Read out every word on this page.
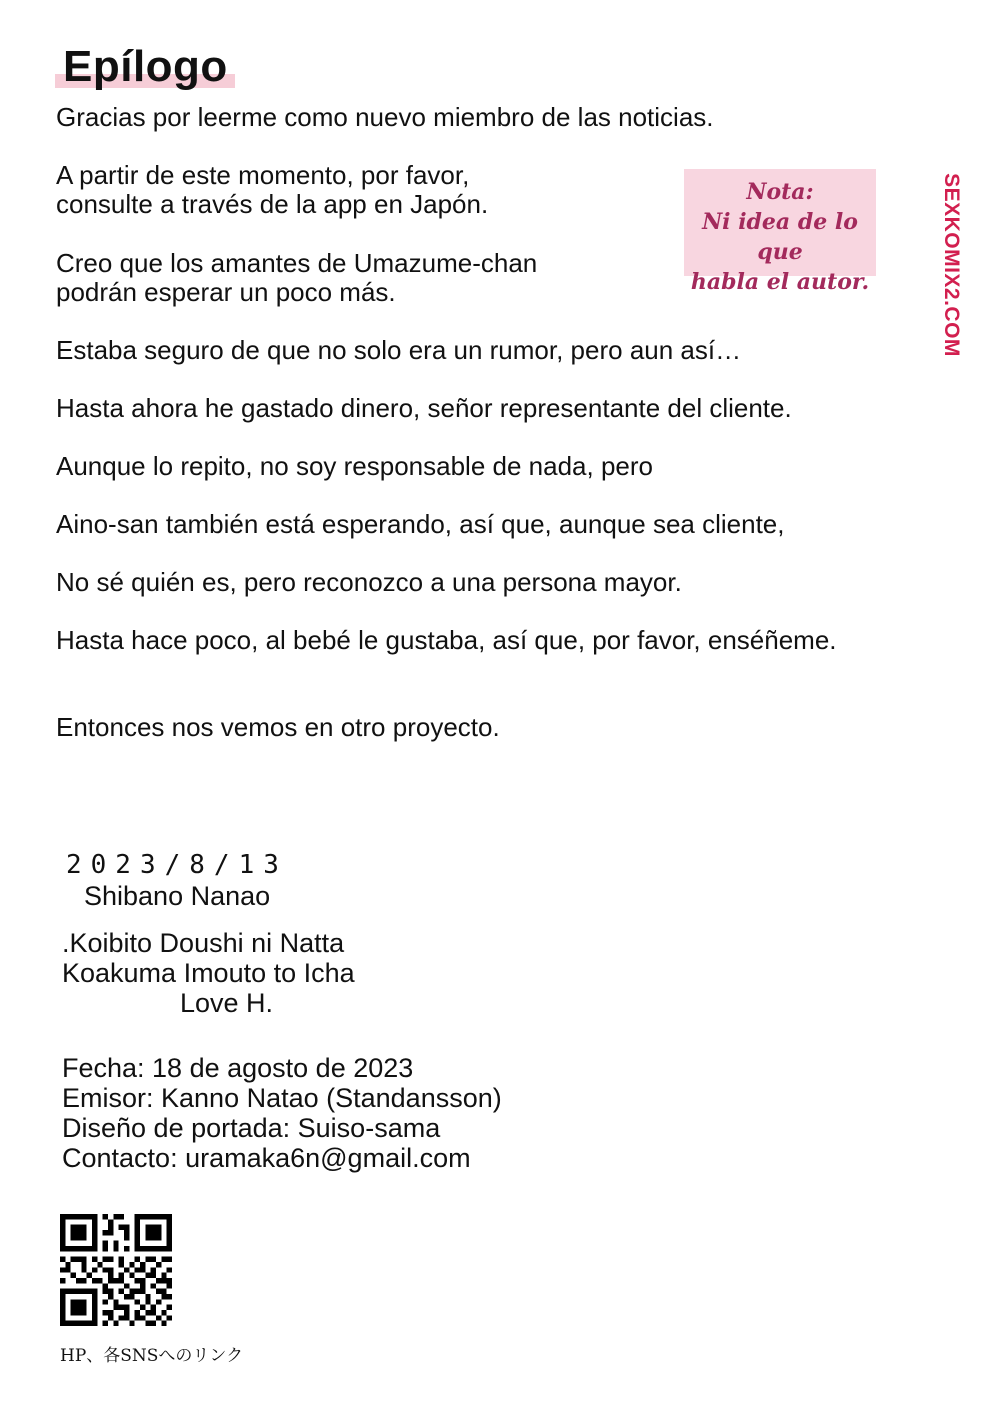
Epílogo

Gracias por leerme como nuevo miembro de las noticias.

A partir de este momento, por favor,
consulte a través de la app en Japón.

Creo que los amantes de Umazume-chan
podrán esperar un poco más.

Estaba seguro de que no solo era un rumor, pero aun así…

Hasta ahora he gastado dinero, señor representante del cliente.

Aunque lo repito, no soy responsable de nada, pero

Aino-san también está esperando, así que, aunque sea cliente,

No sé quién es, pero reconozco a una persona mayor.

Hasta hace poco, al bebé le gustaba, así que, por favor, enséñeme.

Entonces nos vemos en otro proyecto.

Nota:
Ni idea de lo que
habla el autor.	SEXKOMIX2.COM

2023/8/13

Shibano Nanao

.Koibito Doushi ni Natta
Koakuma Imouto to Icha
Love H.

Fecha: 18 de agosto de 2023
Emisor: Kanno Natao (Standansson)
Diseño de portada: Suiso-sama
Contacto: uramaka6n@gmail.com

HP、各SNSへのリンク
